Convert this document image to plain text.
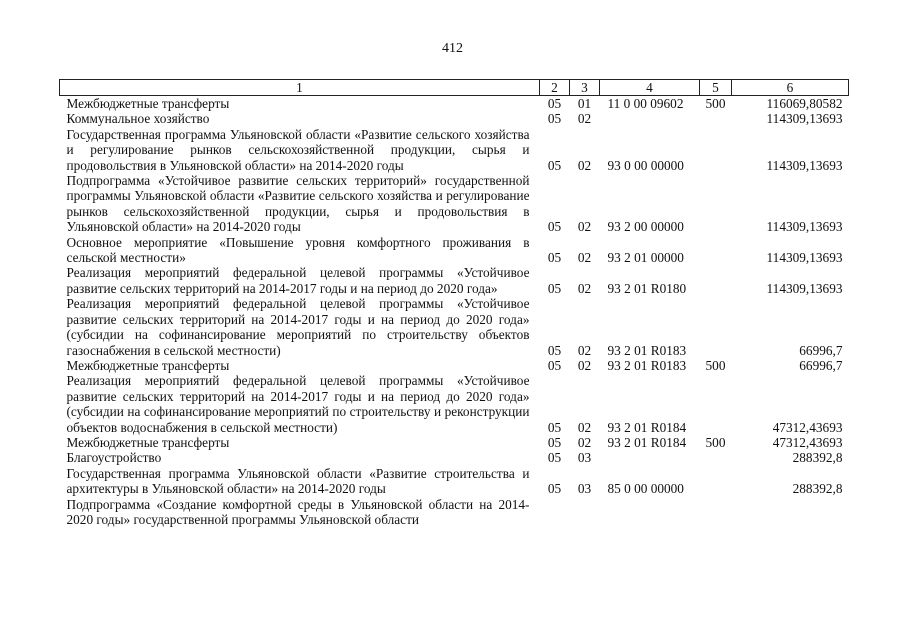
412
1	2	3	4	5	6
Межбюджетные трансферты	05	01	11 0 00 09602	500	116069,80582
Коммунальное хозяйство	05	02			114309,13693
Государственная программа Ульяновской области «Развитие сельского хозяйства и регулирование рынков сельскохозяйственной продукции, сырья и продовольствия в Ульяновской области» на 2014-2020 годы	05	02	93 0 00 00000		114309,13693
Подпрограмма «Устойчивое развитие сельских территорий» государственной программы Ульяновской области «Развитие сельского хозяйства и регулирование рынков сельскохозяйственной продукции, сырья и продовольствия в Ульяновской области» на 2014-2020 годы	05	02	93 2 00 00000		114309,13693
Основное мероприятие «Повышение уровня комфортного проживания в сельской местности»	05	02	93 2 01 00000		114309,13693
Реализация мероприятий федеральной целевой программы «Устойчивое развитие сельских территорий на 2014-2017 годы и на период до 2020 года»	05	02	93 2 01 R0180		114309,13693
Реализация мероприятий федеральной целевой программы «Устойчивое развитие сельских территорий на 2014-2017 годы и на период до 2020 года» (субсидии на софинансирование мероприятий по строительству объектов газоснабжения в сельской местности)	05	02	93 2 01 R0183		66996,7
Межбюджетные трансферты	05	02	93 2 01 R0183	500	66996,7
Реализация мероприятий федеральной целевой программы «Устойчивое развитие сельских территорий на 2014-2017 годы и на период до 2020 года» (субсидии на софинансирование мероприятий по строительству и реконструкции объектов водоснабжения в сельской местности)	05	02	93 2 01 R0184		47312,43693
Межбюджетные трансферты	05	02	93 2 01 R0184	500	47312,43693
Благоустройство	05	03			288392,8
Государственная программа Ульяновской области «Развитие строительства и архитектуры в Ульяновской области» на 2014-2020 годы	05	03	85 0 00 00000		288392,8
Подпрограмма «Создание комфортной среды в Ульяновской области на 2014-2020 годы» государственной программы Ульяновской области					
